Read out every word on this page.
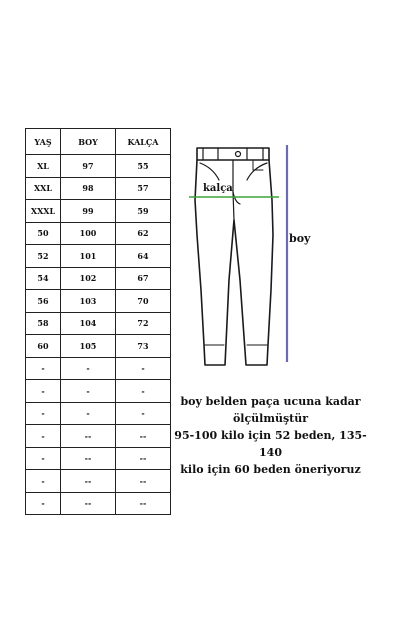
YAŞ	BOY	KALÇA
XL	97	55
XXL	98	57
XXXL	99	59
50	100	62
52	101	64
54	102	67
56	103	70
58	104	72
60	105	73
-	-	-
-	-	-
-	-	-
-	--	--
-	--	--
-	--	--
-	--	--
kalça
boy

boy belden paça ucuna kadar

ölçülmüştür

95-100 kilo için 52 beden, 135- 140

kilo için 60 beden öneriyoruz
